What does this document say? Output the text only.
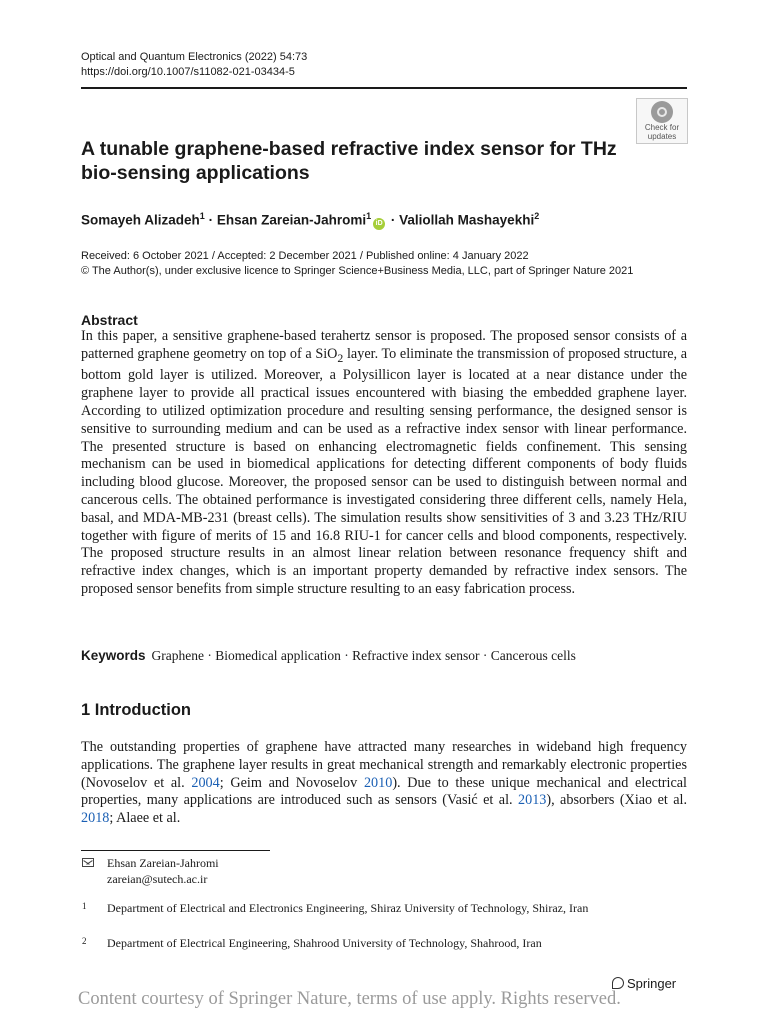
Optical and Quantum Electronics (2022) 54:73
https://doi.org/10.1007/s11082-021-03434-5
Check for
updates
A tunable graphene-based refractive index sensor for THz bio-sensing applications
Somayeh Alizadeh$^1$ · Ehsan Zareian-Jahromi$^1$iD · Valiollah Mashayekhi$^2$
Received: 6 October 2021 / Accepted: 2 December 2021 / Published online: 4 January 2022
© The Author(s), under exclusive licence to Springer Science+Business Media, LLC, part of Springer Nature 2021
Abstract

In this paper, a sensitive graphene-based terahertz sensor is proposed. The proposed sensor consists of a patterned graphene geometry on top of a SiO$_2$ layer. To eliminate the transmission of proposed structure, a bottom gold layer is utilized. Moreover, a Polysillicon layer is located at a near distance under the graphene layer to provide all practical issues encountered with biasing the embedded graphene layer. According to utilized optimization procedure and resulting sensing performance, the designed sensor is sensitive to surrounding medium and can be used as a refractive index sensor with linear performance. The presented structure is based on enhancing electromagnetic fields confinement. This sensing mechanism can be used in biomedical applications for detecting different components of body fluids including blood glucose. Moreover, the proposed sensor can be used to distinguish between normal and cancerous cells. The obtained performance is investigated considering three different cells, namely Hela, basal, and MDA-MB-231 (breast cells). The simulation results show sensitivities of 3 and 3.23 THz/RIU together with figure of merits of 15 and 16.8 RIU-1 for cancer cells and blood components, respectively. The proposed structure results in an almost linear relation between resonance frequency shift and refractive index changes, which is an important property demanded by refractive index sensors. The proposed sensor benefits from simple structure resulting to an easy fabrication process.

Keywords Graphene · Biomedical application · Refractive index sensor · Cancerous cells
1 Introduction

The outstanding properties of graphene have attracted many researches in wideband high frequency applications. The graphene layer results in great mechanical strength and remarkably electronic properties (Novoselov et al. 2004; Geim and Novoselov 2010). Due to these unique mechanical and electrical properties, many applications are introduced such as sensors (Vasić et al. 2013), absorbers (Xiao et al. 2018; Alaee et al.

Ehsan Zareian-Jahromi
zareian@sutech.ac.ir
1 Department of Electrical and Electronics Engineering, Shiraz University of Technology, Shiraz, Iran
2 Department of Electrical Engineering, Shahrood University of Technology, Shahrood, Iran
Springer
Content courtesy of Springer Nature, terms of use apply. Rights reserved.
